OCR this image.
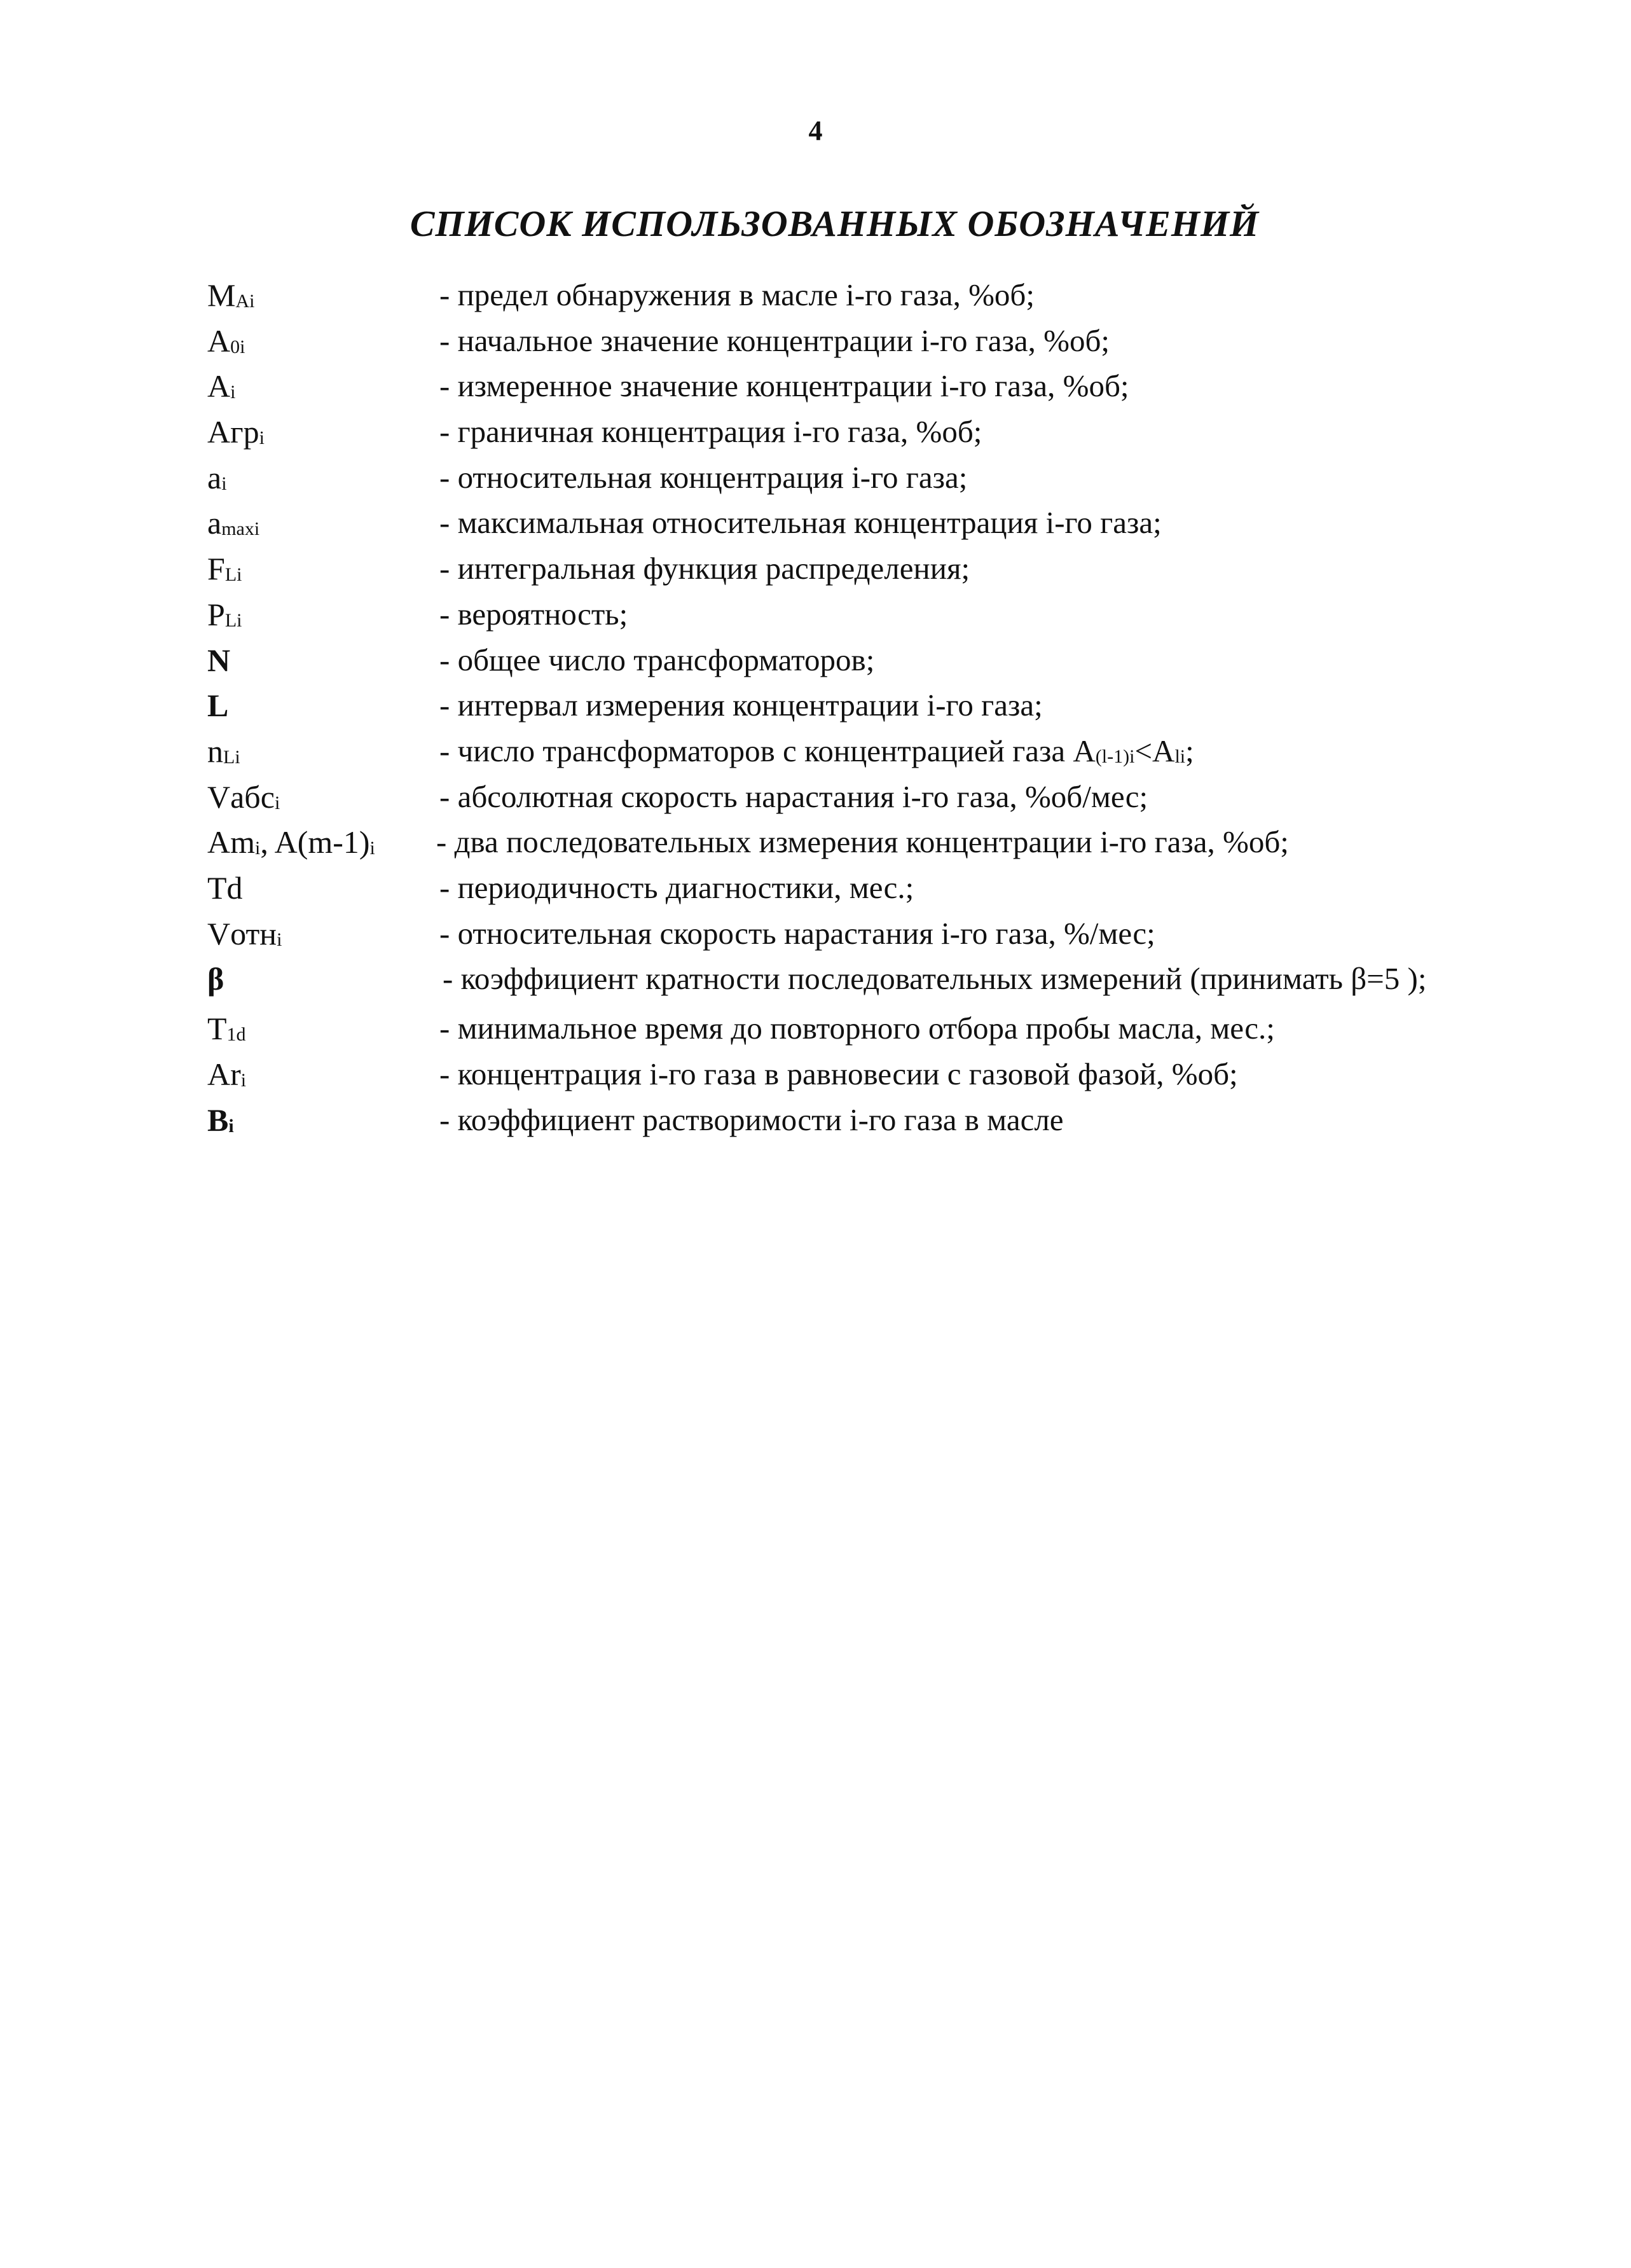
4
СПИСОК ИСПОЛЬЗОВАННЫХ ОБОЗНАЧЕНИЙ
MAi	- предел обнаружения в масле i-го газа, %об;
A0i	- начальное значение концентрации i-го газа, %об;
Ai	- измеренное значение концентрации i-го газа, %об;
Агрi	- граничная концентрация i-го газа, %об;
ai	- относительная концентрация i-го газа;
amaxi	- максимальная относительная концентрация i-го газа;
FLi	- интегральная функция распределения;
PLi	- вероятность;
N	- общее число трансформаторов;
L	- интервал измерения концентрации i-го газа;
nLi	- число трансформаторов с концентрацией газа A(l-1)i<Ali;
Vабсi	- абсолютная скорость нарастания i-го газа, %об/мес;
Ami, A(m-1)i - два последовательных измерения концентрации i-го газа, %об;
Td	- периодичность диагностики, мес.;
Vотнi	- относительная скорость нарастания i-го газа, %/мес;
β	- коэффициент кратности последовательных измерений (принимать β=5 );
T1d	- минимальное время до повторного отбора пробы масла, мес.;
Ari	- концентрация i-го газа в равновесии с газовой фазой, %об;
Bi	- коэффициент растворимости i-го газа в масле
